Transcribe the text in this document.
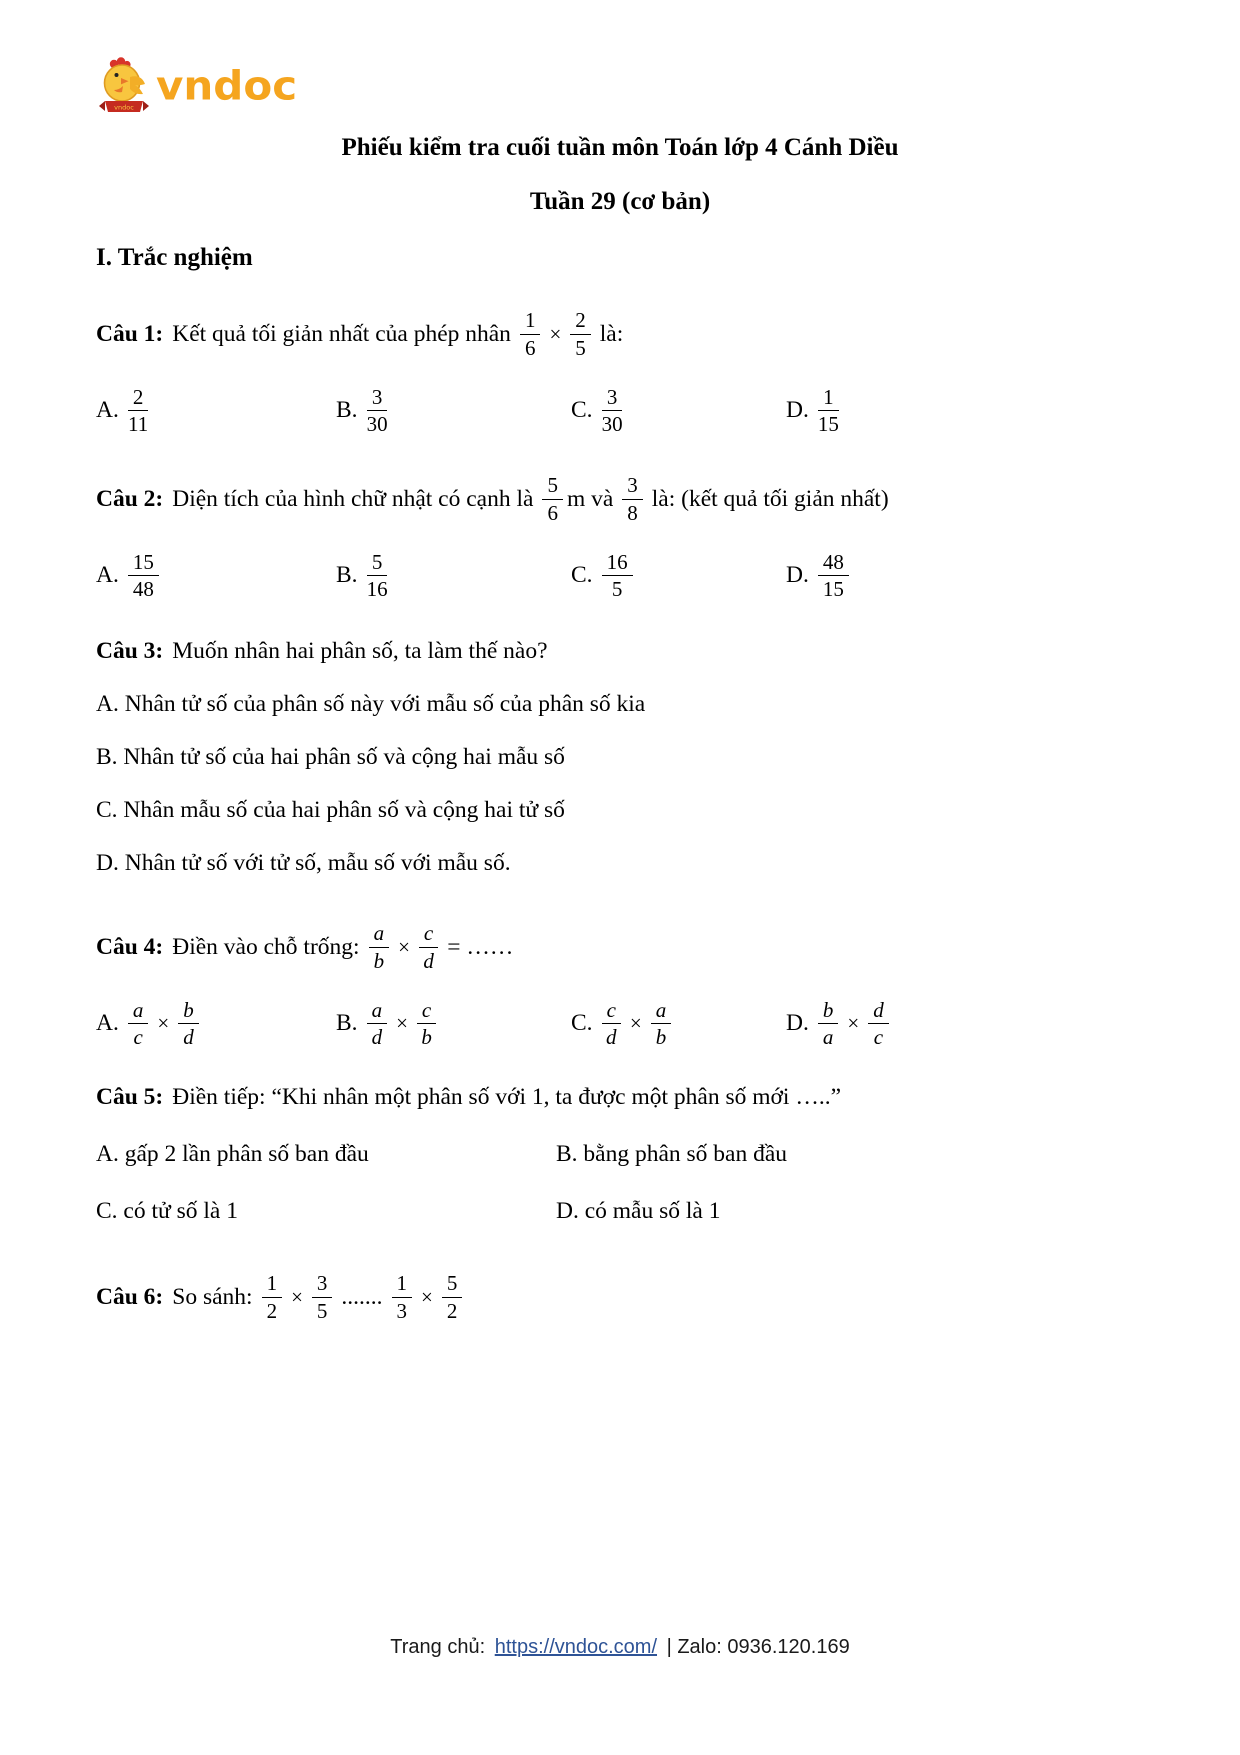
vndoc vndoc
Phiếu kiểm tra cuối tuần môn Toán lớp 4 Cánh Diều
Tuần 29 (cơ bản)
I. Trắc nghiệm
Câu 1: Kết quả tối giản nhất của phép nhân $\frac{1}{6} \times \frac{2}{5}$ là:
A. $\frac{2}{11}$	B. $\frac{3}{30}$	C. $\frac{3}{30}$	D. $\frac{1}{15}$
Câu 2: Diện tích của hình chữ nhật có cạnh là $\frac{5}{6}$ m và $\frac{3}{8}$ là: (kết quả tối giản nhất)
A. $\frac{15}{48}$	B. $\frac{5}{16}$	C. $\frac{16}{5}$	D. $\frac{48}{15}$
Câu 3: Muốn nhân hai phân số, ta làm thế nào?
A. Nhân tử số của phân số này với mẫu số của phân số kia
B. Nhân tử số của hai phân số và cộng hai mẫu số
C. Nhân mẫu số của hai phân số và cộng hai tử số
D. Nhân tử số với tử số, mẫu số với mẫu số.
Câu 4: Điền vào chỗ trống: $\frac{a}{b} \times \frac{c}{d}$ = ……
A. $\frac{a}{c} \times \frac{b}{d}$	B. $\frac{a}{d} \times \frac{c}{b}$	C. $\frac{c}{d} \times \frac{a}{b}$	D. $\frac{b}{a} \times \frac{d}{c}$
Câu 5: Điền tiếp: “Khi nhân một phân số với 1, ta được một phân số mới …..”
A. gấp 2 lần phân số ban đầu	B. bằng phân số ban đầu
C. có tử số là 1	D. có mẫu số là 1
Câu 6: So sánh: $\frac{1}{2} \times \frac{3}{5}$ ....... $\frac{1}{3} \times \frac{5}{2}$
Trang chủ: https://vndoc.com/ | Zalo: 0936.120.169
